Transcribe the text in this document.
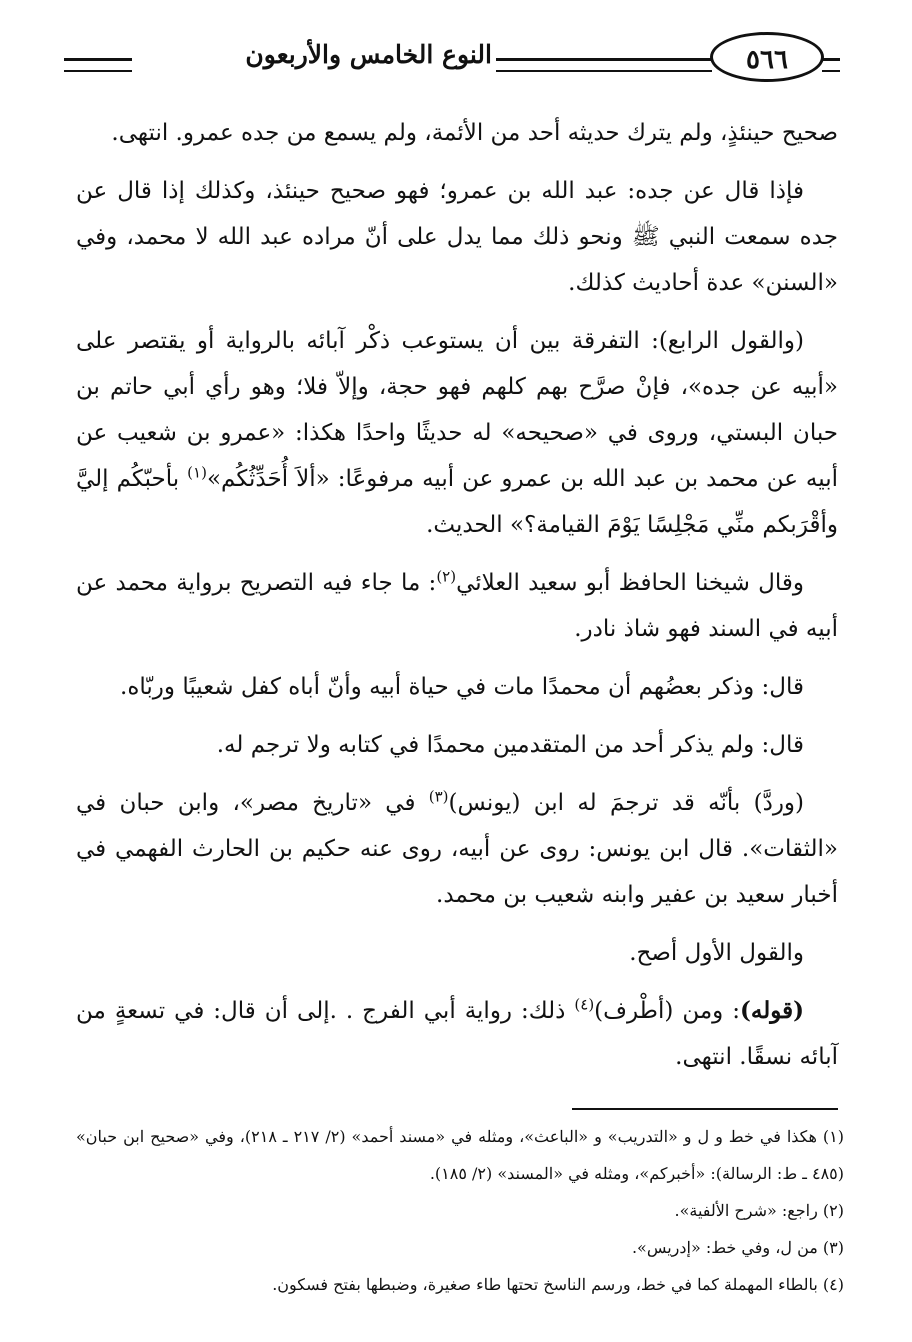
٥٦٦
النوع الخامس والأربعون

صحيح حينئذٍ، ولم يترك حديثه أحد من الأئمة، ولم يسمع من جده عمرو. انتهى.

فإذا قال عن جده: عبد الله بن عمرو؛ فهو صحيح حينئذ، وكذلك إذا قال عن جده سمعت النبي ﷺ ونحو ذلك مما يدل على أنّ مراده عبد الله لا محمد، وفي «السنن» عدة أحاديث كذلك.

(والقول الرابع): التفرقة بين أن يستوعب ذكْر آبائه بالرواية أو يقتصر على «أبيه عن جده»، فإنْ صرَّح بهم كلهم فهو حجة، وإلاّ فلا؛ وهو رأي أبي حاتم بن حبان البستي، وروى في «صحيحه» له حديثًا واحدًا هكذا: «عمرو بن شعيب عن أبيه عن محمد بن عبد الله بن عمرو عن أبيه مرفوعًا: «ألاَ أُحَدِّثُكُم»$^{(١)}$ بأحبّكُم إليَّ وأقْرَبكم منِّي مَجْلِسًا يَوْمَ القيامة؟» الحديث.

وقال شيخنا الحافظ أبو سعيد العلائي$^{(٢)}$: ما جاء فيه التصريح برواية محمد عن أبيه في السند فهو شاذ نادر.

قال: وذكر بعضُهم أن محمدًا مات في حياة أبيه وأنّ أباه كفل شعيبًا وربّاه.

قال: ولم يذكر أحد من المتقدمين محمدًا في كتابه ولا ترجم له.

(وردَّ) بأنّه قد ترجمَ له ابن (يونس)$^{(٣)}$ في «تاريخ مصر»، وابن حبان في «الثقات». قال ابن يونس: روى عن أبيه، روى عنه حكيم بن الحارث الفهمي في أخبار سعيد بن عفير وابنه شعيب بن محمد.

والقول الأول أصح.

(قوله): ومن (أطْرف)$^{(٤)}$ ذلك: رواية أبي الفرج . .إلى أن قال: في تسعةٍ من آبائه نسقًا. انتهى.

(١) هكذا في خط و ل و «التدريب» و «الباعث»، ومثله في «مسند أحمد» (٢/ ٢١٧ ـ ٢١٨)، وفي «صحيح ابن حبان» (٤٨٥ ـ ط: الرسالة): «أخبركم»، ومثله في «المسند» (٢/ ١٨٥).

(٢) راجع: «شرح الألفية».

(٣) من ل، وفي خط: «إدريس».

(٤) بالطاء المهملة كما في خط، ورسم الناسخ تحتها طاء صغيرة، وضبطها بفتح فسكون.
